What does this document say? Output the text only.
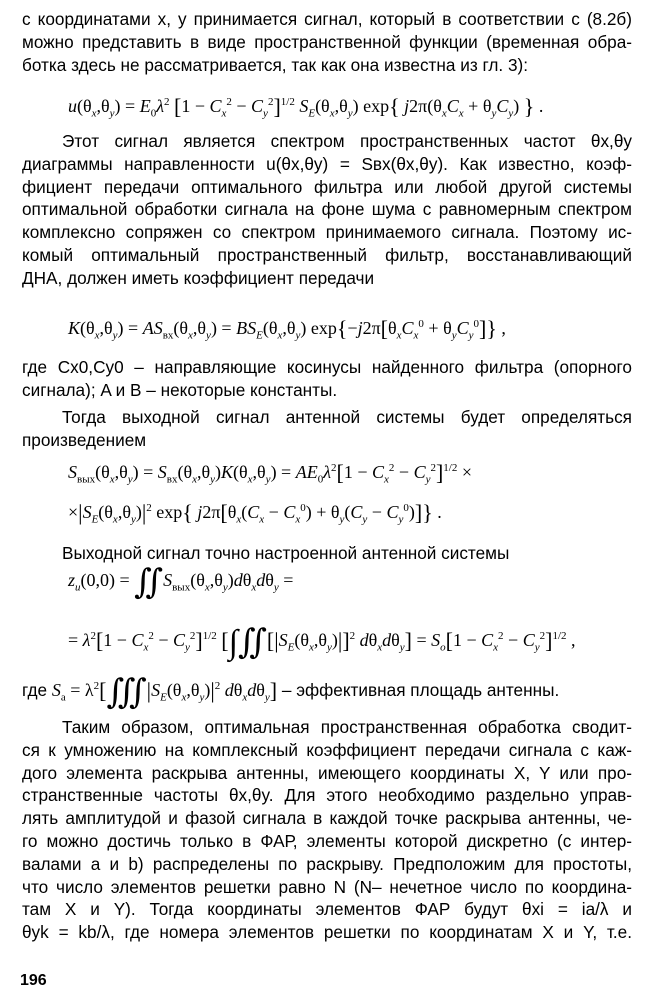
с координатами x, y принимается сигнал, который в соответствии с (8.2б)
можно представить в виде пространственной функции (временная обра-
ботка здесь не рассматривается, так как она известна из гл. 3):
$u(\theta_x,\theta_y) = E_0\lambda^2$ $[1 - C_x^2 - C_y^2]^{1/2}$ $S_E(\theta_x,\theta_y)$ exp{ $j2\pi(\theta_xC_x + \theta_yC_y)$ } .
Этот сигнал является спектром пространственных частот θx,θy
диаграммы направленности u(θx,θy) = Sвх(θx,θy). Как известно, коэф-
фициент передачи оптимального фильтра или любой другой системы
оптимальной обработки сигнала на фоне шума с равномерным спектром
комплексно сопряжен со спектром принимаемого сигнала. Поэтому ис-
комый оптимальный пространственный фильтр, восстанавливающий
ДНА, должен иметь коэффициент передачи
$K(\theta_x,\theta_y) = AS_{вх}(\theta_x,\theta_y) = BS_E(\theta_x,\theta_y) \exp\{-j2\pi[\theta_xC_x^0 + \theta_yC_y^0]\}$ ,
где Cx0,Cy0 – направляющие косинусы найденного фильтра (опорного
сигнала); A и B – некоторые константы.
Тогда выходной сигнал антенной системы будет определяться
произведением
$S_{вых}(\theta_x,\theta_y) = S_{вх}(\theta_x,\theta_y)K(\theta_x,\theta_y) = AE_0\lambda^2[1 - C_x^2 - C_y^2]^{1/2}$ ×
$\times|S_E(\theta_x,\theta_y)|^2$ exp{ $j2\pi[\theta_x(C_x - C_x^0) + \theta_y(C_y - C_y^0)]$} .
Выходной сигнал точно настроенной антенной системы
$z_u(0,0)$ = $∬S_{вых}(\theta_x,\theta_y)d\theta_xd\theta_y$ =
= $\lambda^2[1 - C_x^2 - C_y^2]^{1/2}$ [$\int∬[|S_E(\theta_x,\theta_y)|]^2$ $d\theta_xd\theta_y] = S_o[1 - C_x^2 - C_y^2]^{1/2}$ ,
где $S_a$ = $\lambda^2[∭|S_E(\theta_x,\theta_y)|^2$ $d\theta_xd\theta_y$] – эффективная площадь антенны.
Таким образом, оптимальная пространственная обработка сводит-
ся к умножению на комплексный коэффициент передачи сигнала с каж-
дого элемента раскрыва антенны, имеющего координаты X, Y или про-
странственные частоты θx,θy. Для этого необходимо раздельно управ-
лять амплитудой и фазой сигнала в каждой точке раскрыва антенны, че-
го можно достичь только в ФАР, элементы которой дискретно (с интер-
валами a и b) распределены по раскрыву. Предположим для простоты,
что число элементов решетки равно N (N– нечетное число по координа-
там X и Y). Тогда координаты элементов ФАР будут θxi = ia/λ и
θyk = kb/λ, где номера элементов решетки по координатам X и Y, т.е.
196
